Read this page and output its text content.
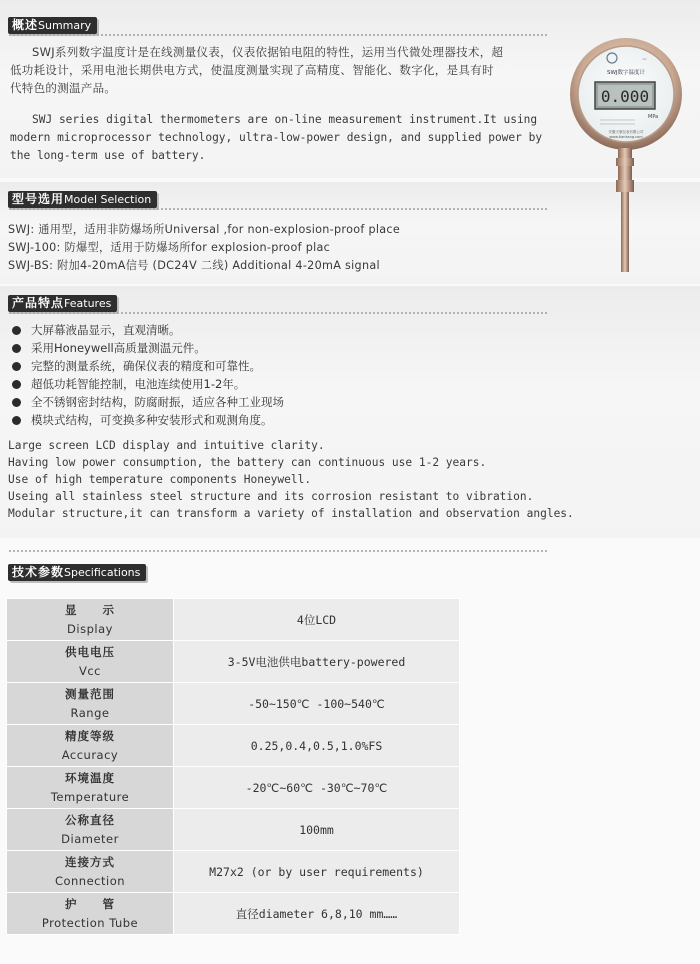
概述Summary
SWJ系列数字温度计是在线测量仪表，仪表依据铂电阻的特性，运用当代微处理器技术，超
低功耗设计，采用电池长期供电方式，使温度测量实现了高精度、智能化、数字化，是具有时
代特色的测温产品。
SWJ series digital thermometers are on-line measurement instrument.It using
modern microprocessor technology, ultra-low-power design, and supplied power by
the long-term use of battery.
~
SWJ数字温度计
0.000
MPa
安徽天康仪表有限公司
www.tiankang.com
型号选用Model Selection
SWJ: 通用型，适用非防爆场所Universal ,for non-explosion-proof place
SWJ-100: 防爆型，适用于防爆场所for explosion-proof plac
SWJ-BS: 附加4-20mA信号 (DC24V 二线) Additional 4-20mA signal
产品特点Features
大屏幕液晶显示，直观清晰。
采用Honeywell高质量测温元件。
完整的测量系统，确保仪表的精度和可靠性。
超低功耗智能控制，电池连续使用1-2年。
全不锈钢密封结构，防腐耐振，适应各种工业现场
模块式结构，可变换多种安装形式和观测角度。
Large screen LCD display and intuitive clarity.
Having low power consumption, the battery can continuous use 1-2 years.
Use of high temperature components Honeywell.
Useing all stainless steel structure and its corrosion resistant to vibration.
Modular structure,it can transform a variety of installation and observation angles.
技术参数Specifications
显　　示
Display	4位LCD

供电电压
Vcc	3-5V电池供电battery-powered

测量范围
Range	-50~150℃ -100~540℃

精度等级
Accuracy	0.25,0.4,0.5,1.0%FS

环境温度
Temperature	-20℃~60℃ -30℃~70℃

公称直径
Diameter	100mm

连接方式
Connection	M27x2 (or by user requirements)

护　　管
Protection Tube	直径diameter 6,8,10 mm……
